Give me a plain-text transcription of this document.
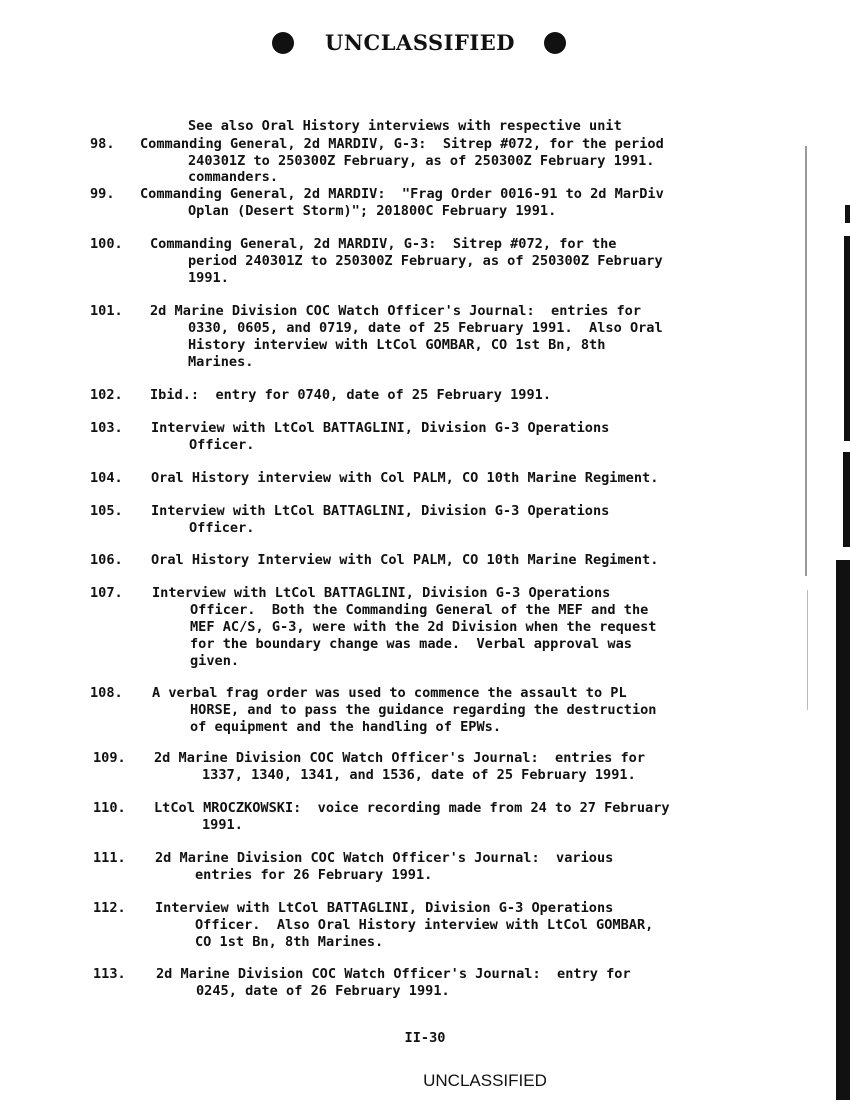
UNCLASSIFIED

See also Oral History interviews with respective unit

commanders.

98. Commanding General, 2d MARDIV, G-3:  Sitrep #072, for the period
240301Z to 250300Z February, as of 250300Z February 1991.
99. Commanding General, 2d MARDIV:  "Frag Order 0016-91 to 2d MarDiv
Oplan (Desert Storm)"; 201800C February 1991.
100. Commanding General, 2d MARDIV, G-3:  Sitrep #072, for the
period 240301Z to 250300Z February, as of 250300Z February
1991.
101. 2d Marine Division COC Watch Officer's Journal:  entries for
0330, 0605, and 0719, date of 25 February 1991.  Also Oral
History interview with LtCol GOMBAR, CO 1st Bn, 8th
Marines.
102. Ibid.:  entry for 0740, date of 25 February 1991.
103. Interview with LtCol BATTAGLINI, Division G-3 Operations
Officer.
104. Oral History interview with Col PALM, CO 10th Marine Regiment.
105. Interview with LtCol BATTAGLINI, Division G-3 Operations
Officer.
106. Oral History Interview with Col PALM, CO 10th Marine Regiment.
107. Interview with LtCol BATTAGLINI, Division G-3 Operations
Officer.  Both the Commanding General of the MEF and the
MEF AC/S, G-3, were with the 2d Division when the request
for the boundary change was made.  Verbal approval was
given.
108. A verbal frag order was used to commence the assault to PL
HORSE, and to pass the guidance regarding the destruction
of equipment and the handling of EPWs.
109. 2d Marine Division COC Watch Officer's Journal:  entries for
1337, 1340, 1341, and 1536, date of 25 February 1991.
110. LtCol MROCZKOWSKI:  voice recording made from 24 to 27 February
1991.
111. 2d Marine Division COC Watch Officer's Journal:  various
entries for 26 February 1991.
112. Interview with LtCol BATTAGLINI, Division G-3 Operations
Officer.  Also Oral History interview with LtCol GOMBAR,
CO 1st Bn, 8th Marines.
113. 2d Marine Division COC Watch Officer's Journal:  entry for
0245, date of 26 February 1991.
II-30
UNCLASSIFIED
